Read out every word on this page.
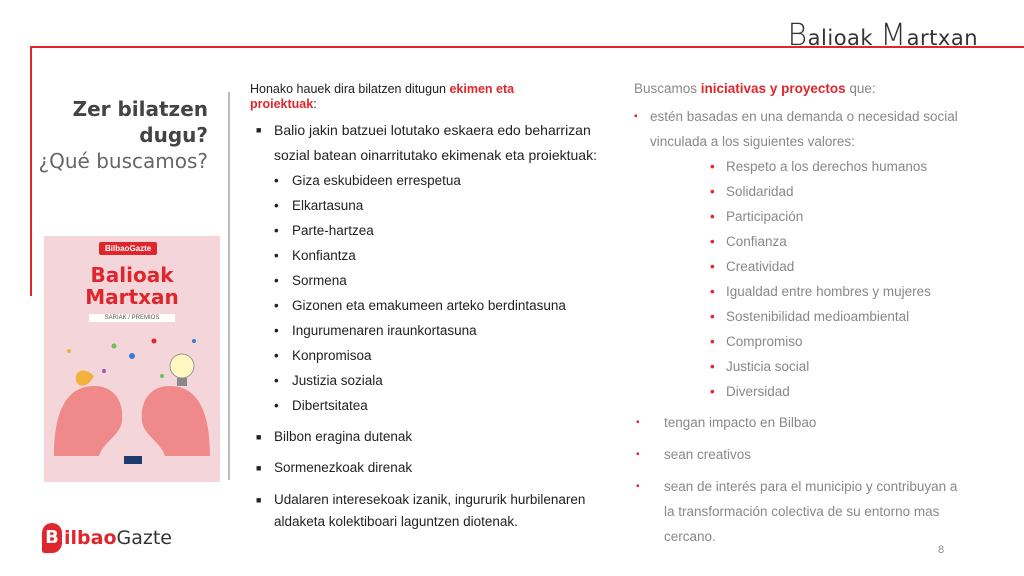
Balioak Martxan
Zer bilatzen
dugu?
¿Qué buscamos?
BilbaoGazte
Balioak
Martxan
SARIAK / PREMIOS
B ilbaoGazte
Honako hauek dira bilatzen ditugun ekimen eta proiektuak:
■ Balio jakin batzuei lotutako eskaera edo beharrizan sozial batean oinarritutako ekimenak eta proiektuak:
• Giza eskubideen errespetua
• Elkartasuna
• Parte-hartzea
• Konfiantza
• Sormena
• Gizonen eta emakumeen arteko berdintasuna
• Ingurumenaren iraunkortasuna
• Konpromisoa
• Justizia soziala
• Dibertsitatea
■ Bilbon eragina dutenak
■ Sormenezkoak direnak
■ Udalaren interesekoak izanik, ingururik hurbilenaren aldaketa kolektiboari laguntzen diotenak.
Buscamos iniciativas y proyectos que:
▪ estén basadas en una demanda o necesidad social vinculada a los siguientes valores:
• Respeto a los derechos humanos
• Solidaridad
• Participación
• Confianza
• Creatividad
• Igualdad entre hombres y mujeres
• Sostenibilidad medioambiental
• Compromiso
• Justicia social
• Diversidad
▪ tengan impacto en Bilbao
▪ sean creativos
▪ sean de interés para el municipio y contribuyan a la transformación colectiva de su entorno mas cercano.
8
